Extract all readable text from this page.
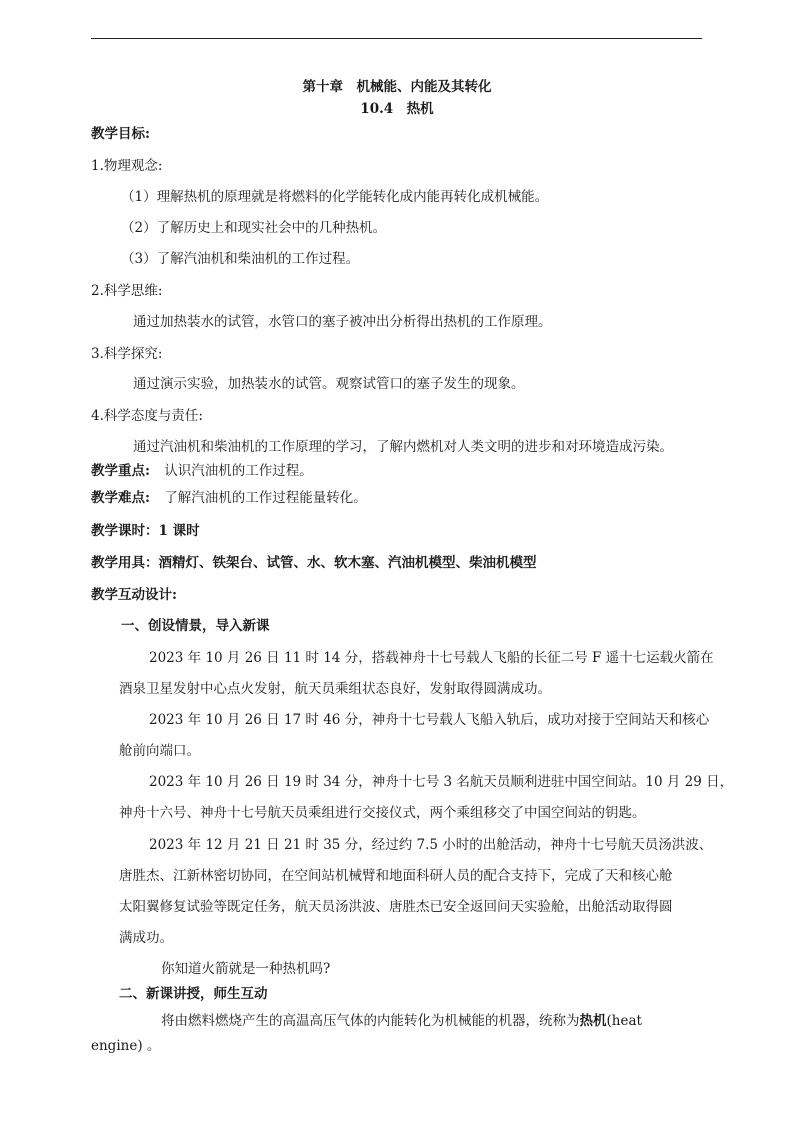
第十章　机械能、内能及其转化
10.4　热机
教学目标:
1.物理观念:
（1）理解热机的原理就是将燃料的化学能转化成内能再转化成机械能。
（2）了解历史上和现实社会中的几种热机。
（3）了解汽油机和柴油机的工作过程。
2.科学思维:
通过加热装水的试管，水管口的塞子被冲出分析得出热机的工作原理。
3.科学探究:
通过演示实验，加热装水的试管。观察试管口的塞子发生的现象。
4.科学态度与责任:
通过汽油机和柴油机的工作原理的学习，了解内燃机对人类文明的进步和对环境造成污染。
教学重点: 认识汽油机的工作过程。
教学难点: 了解汽油机的工作过程能量转化。
教学课时：1 课时
教学用具：酒精灯、铁架台、试管、水、软木塞、汽油机模型、柴油机模型
教学互动设计:
一、创设情景，导入新课
2023 年 10 月 26 日 11 时 14 分，搭载神舟十七号载人飞船的长征二号 F 遥十七运载火箭在
酒泉卫星发射中心点火发射，航天员乘组状态良好，发射取得圆满成功。
2023 年 10 月 26 日 17 时 46 分，神舟十七号载人飞船入轨后，成功对接于空间站天和核心
舱前向端口。
2023 年 10 月 26 日 19 时 34 分，神舟十七号 3 名航天员顺利进驻中国空间站。10 月 29 日，
神舟十六号、神舟十七号航天员乘组进行交接仪式，两个乘组移交了中国空间站的钥匙。
2023 年 12 月 21 日 21 时 35 分，经过约 7.5 小时的出舱活动，神舟十七号航天员汤洪波、
唐胜杰、江新林密切协同，在空间站机械臂和地面科研人员的配合支持下，完成了天和核心舱
太阳翼修复试验等既定任务，航天员汤洪波、唐胜杰已安全返回问天实验舱，出舱活动取得圆
满成功。
你知道火箭就是一种热机吗?
二、新课讲授，师生互动
将由燃料燃烧产生的高温高压气体的内能转化为机械能的机器，统称为热机(heat
engine) 。
